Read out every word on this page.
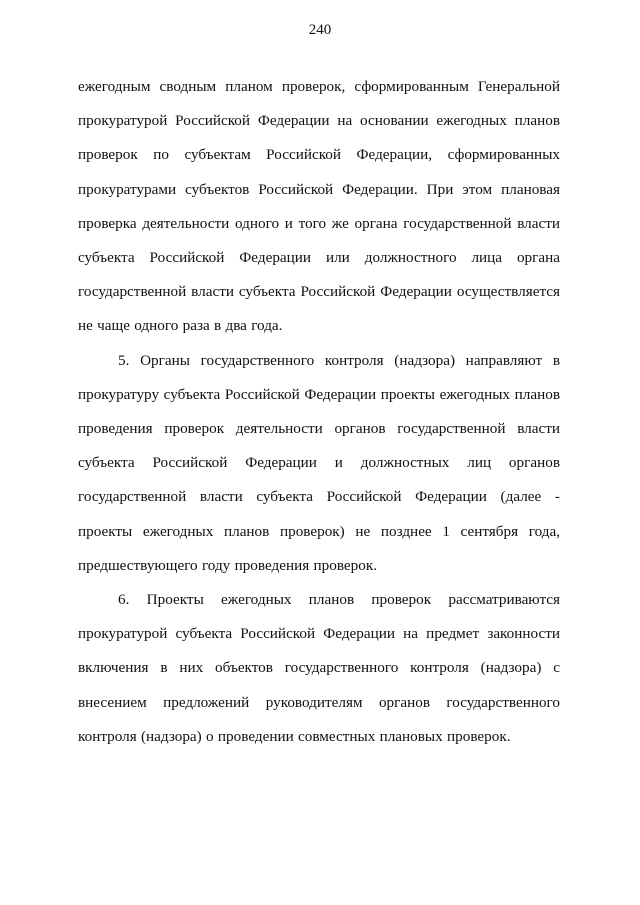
240

ежегодным сводным планом проверок, сформированным Генеральной прокуратурой Российской Федерации на основании ежегодных планов проверок по субъектам Российской Федерации, сформированных прокуратурами субъектов Российской Федерации. При этом плановая проверка деятельности одного и того же органа государственной власти субъекта Российской Федерации или должностного лица органа государственной власти субъекта Российской Федерации осуществляется не чаще одного раза в два года.

5. Органы государственного контроля (надзора) направляют в прокуратуру субъекта Российской Федерации проекты ежегодных планов проведения проверок деятельности органов государственной власти субъекта Российской Федерации и должностных лиц органов государственной власти субъекта Российской Федерации (далее - проекты ежегодных планов проверок) не позднее 1 сентября года, предшествующего году проведения проверок.

6. Проекты ежегодных планов проверок рассматриваются прокуратурой субъекта Российской Федерации на предмет законности включения в них объектов государственного контроля (надзора) с внесением предложений руководителям органов государственного контроля (надзора) о проведении совместных плановых проверок.
